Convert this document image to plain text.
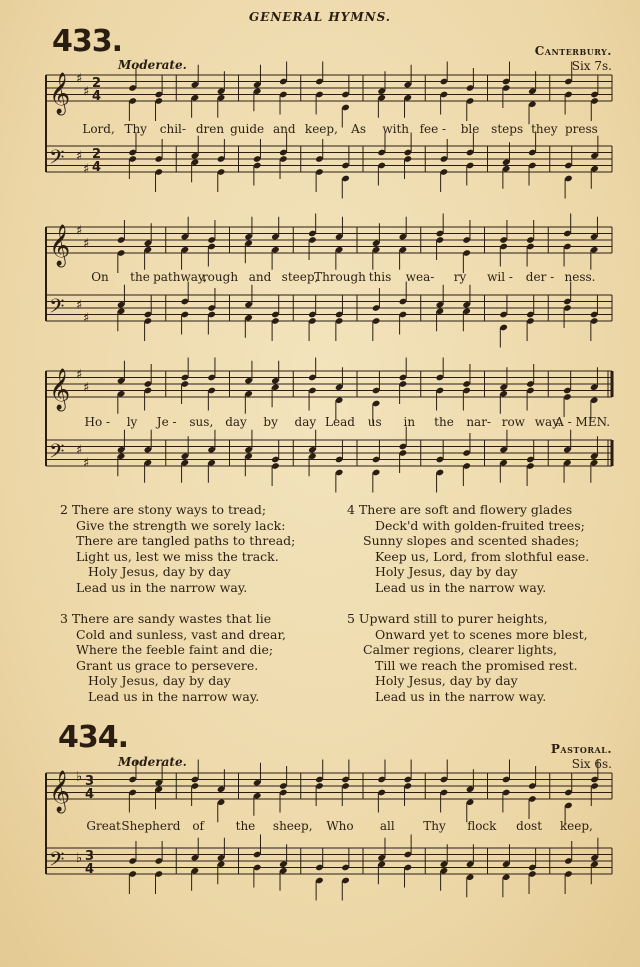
GENERAL HYMNS.
433.	Canterbury.
Six 7s.
Moderate.
𝄞 ♯
♯
2
4
𝄢 ♯
♯
2
4
Lord, Thy chil- dren guide and keep, As with fee - ble steps they press
𝄞 ♯
♯
𝄢 ♯
♯
On the pathway,
rough and steep,
Through this wea- ry wil - der - ness.
𝄞 ♯
♯
𝄢 ♯
♯
Ho - ly Je - sus, day by day Lead us in the nar- row way.
A - MEN.
2 There are stony ways to tread;
Give the strength we sorely lack:
There are tangled paths to thread;
Light us, lest we miss the track.
Holy Jesus, day by day
Lead us in the narrow way.
4 There are soft and flowery glades
Deck'd with golden-fruited trees;
Sunny slopes and scented shades;
Keep us, Lord, from slothful ease.
Holy Jesus, day by day
Lead us in the narrow way.
3 There are sandy wastes that lie
Cold and sunless, vast and drear,
Where the feeble faint and die;
Grant us grace to persevere.
Holy Jesus, day by day
Lead us in the narrow way.
5 Upward still to purer heights,
Onward yet to scenes more blest,
Calmer regions, clearer lights,
Till we reach the promised rest.
Holy Jesus, day by day
Lead us in the narrow way.
434.	Pastoral.
Six 6s.
Moderate.
𝄞 ♭ 3
4
𝄢 ♭ 3
4
Great Shepherd of	the sheep, Who all Thy flock dost keep,
